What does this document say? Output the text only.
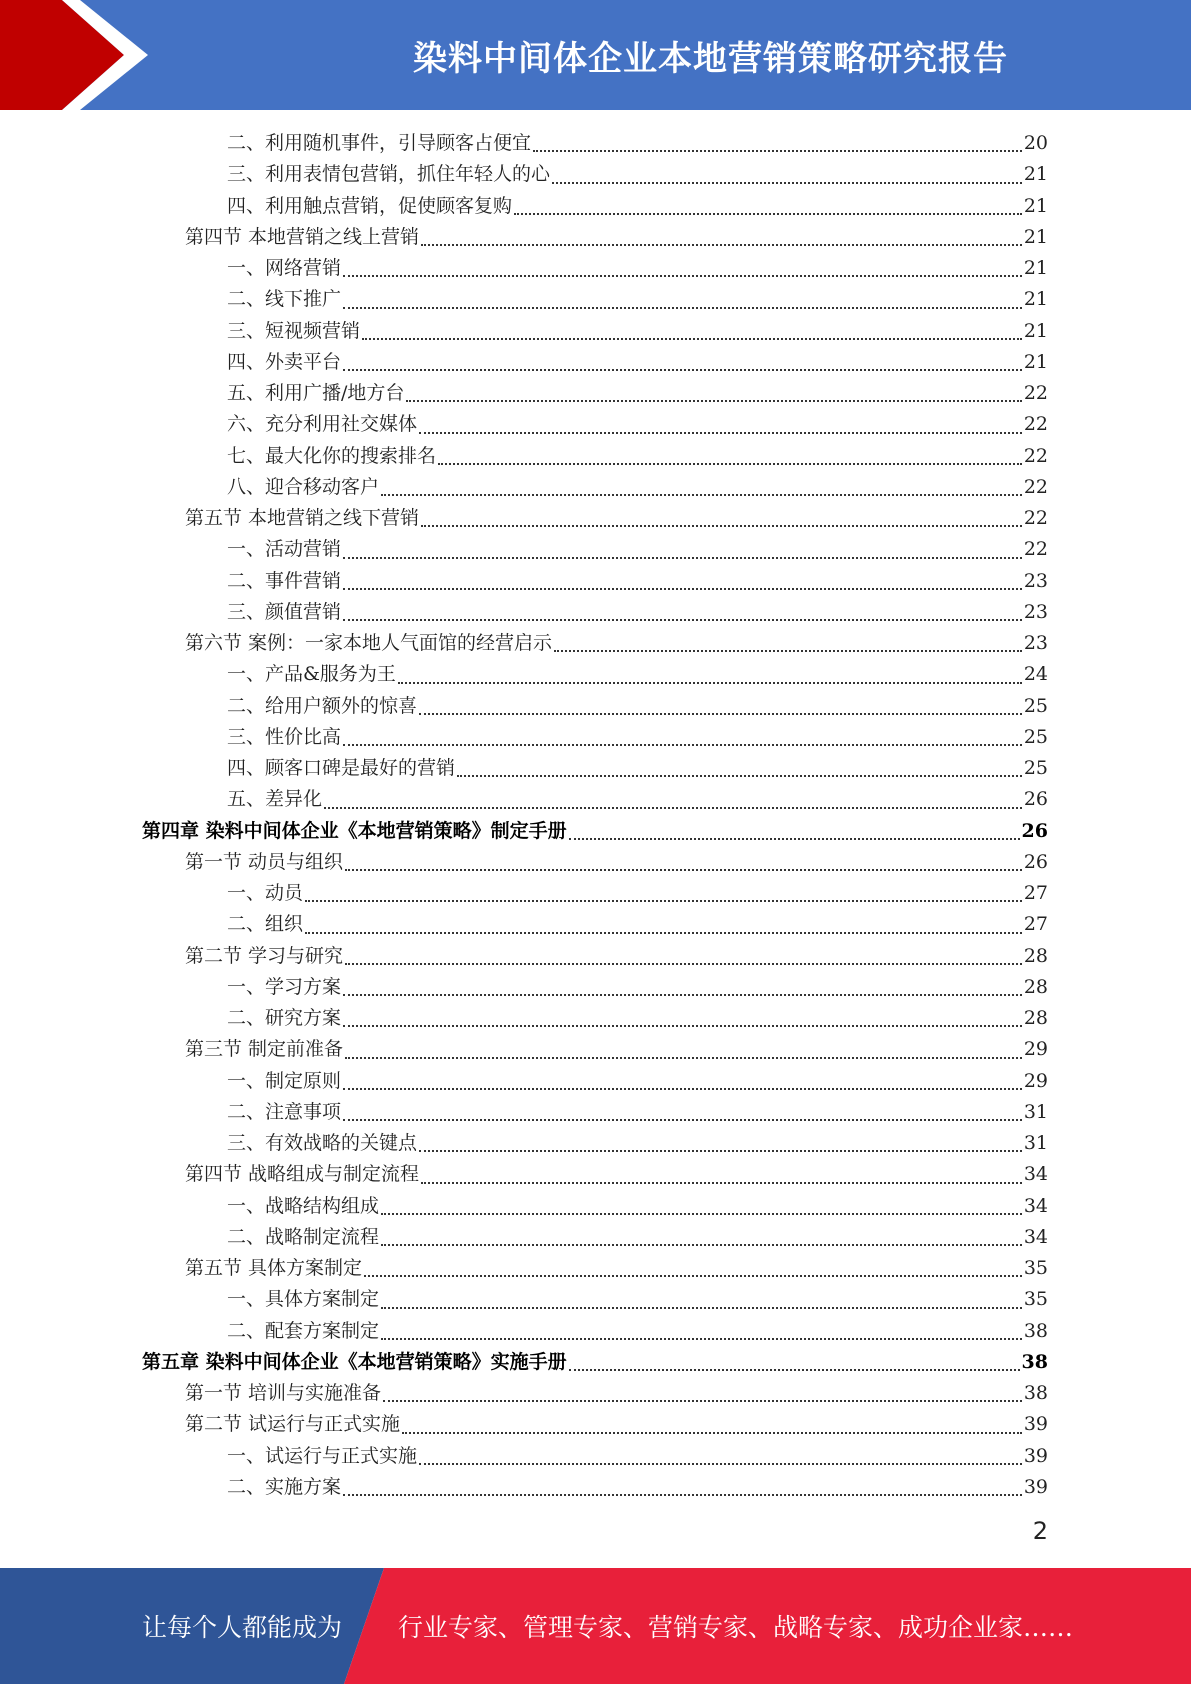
染料中间体企业本地营销策略研究报告
二、利用随机事件，引导顾客占便宜	20
三、利用表情包营销，抓住年轻人的心	21
四、利用触点营销，促使顾客复购	21
第四节 本地营销之线上营销	21
一、网络营销	21
二、线下推广	21
三、短视频营销	21
四、外卖平台	21
五、利用广播/地方台	22
六、充分利用社交媒体	22
七、最大化你的搜索排名	22
八、迎合移动客户	22
第五节 本地营销之线下营销	22
一、活动营销	22
二、事件营销	23
三、颜值营销	23
第六节 案例：一家本地人气面馆的经营启示	23
一、产品&服务为王	24
二、给用户额外的惊喜	25
三、性价比高	25
四、顾客口碑是最好的营销	25
五、差异化	26
第四章 染料中间体企业《本地营销策略》制定手册	26
第一节 动员与组织	26
一、动员	27
二、组织	27
第二节 学习与研究	28
一、学习方案	28
二、研究方案	28
第三节 制定前准备	29
一、制定原则	29
二、注意事项	31
三、有效战略的关键点	31
第四节 战略组成与制定流程	34
一、战略结构组成	34
二、战略制定流程	34
第五节 具体方案制定	35
一、具体方案制定	35
二、配套方案制定	38
第五章 染料中间体企业《本地营销策略》实施手册	38
第一节 培训与实施准备	38
第二节 试运行与正式实施	39
一、试运行与正式实施	39
二、实施方案	39
2
让每个人都能成为 行业专家、管理专家、营销专家、战略专家、成功企业家……
